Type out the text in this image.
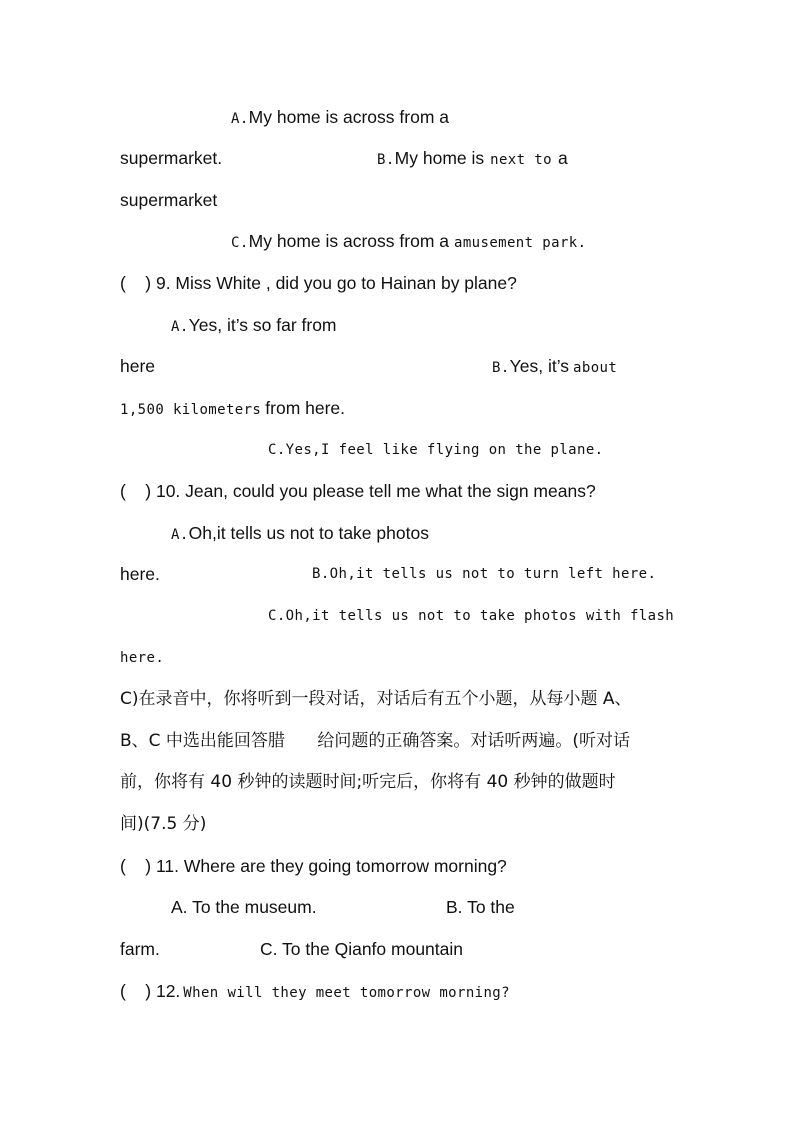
A.My home is across from a
supermarket.	B.My home is next to a
supermarket
C.My home is across from a amusement park.
(    ) 9. Miss White , did you go to Hainan by plane?
A.Yes, it’s so far from
here	B.Yes, it’s about
1,500 kilometers from here.
C.Yes,I feel like flying on the plane.
(    ) 10. Jean, could you please tell me what the sign means?
A.Oh,it tells us not to take photos
here.	B.Oh,it tells us not to turn left here.
C.Oh,it tells us not to take photos with flash
here.
C)在录音中，你将听到一段对话，对话后有五个小题，从每小题 A、
B、C 中选出能回答腊      给问题的正确答案。对话听两遍。(听对话
前，你将有 40 秒钟的读题时间;听完后，你将有 40 秒钟的做题时
间)(7.5 分)
(    ) 11. Where are they going tomorrow morning?
A. To the museum.	B. To the
farm.	C. To the Qianfo mountain
(    ) 12. When will they meet tomorrow morning?
